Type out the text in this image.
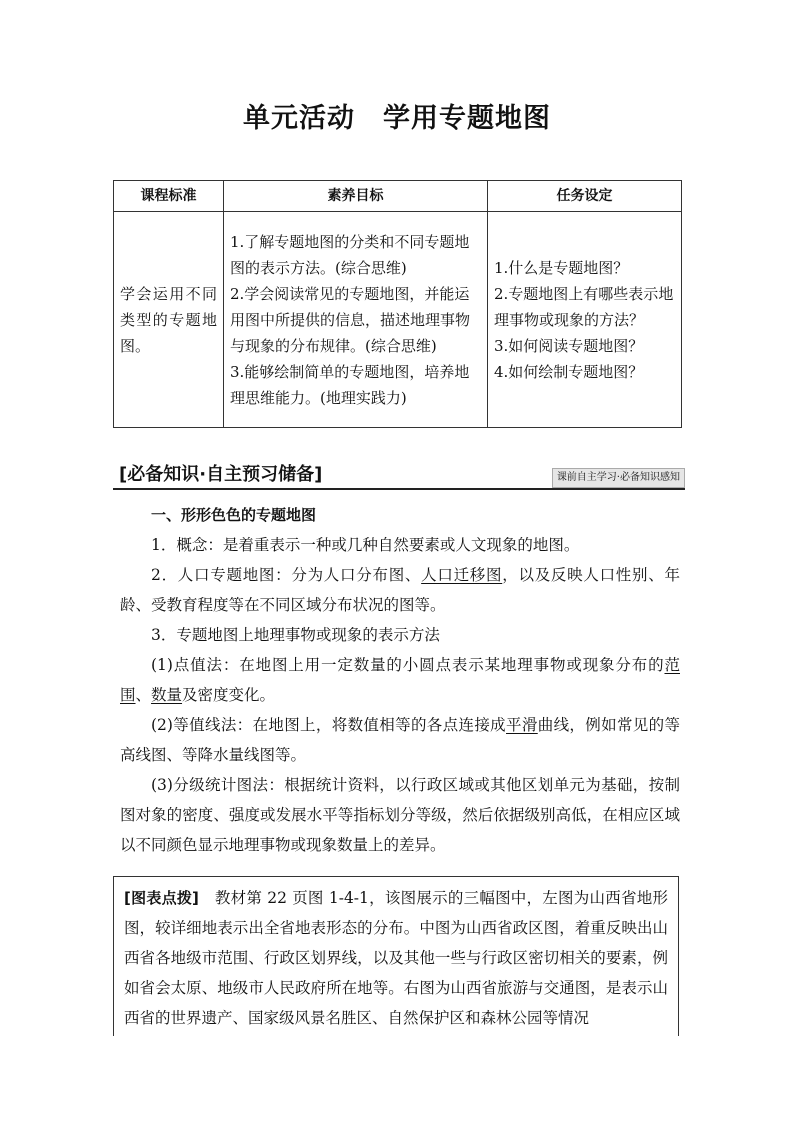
单元活动 学用专题地图
课程标准	素养目标	任务设定
学会运用不同类型的专题地图。	1.了解专题地图的分类和不同专题地图的表示方法。(综合思维)
2.学会阅读常见的专题地图，并能运用图中所提供的信息，描述地理事物与现象的分布规律。(综合思维)
3.能够绘制简单的专题地图，培养地理思维能力。(地理实践力)	1.什么是专题地图？
2.专题地图上有哪些表示地理事物或现象的方法？
3.如何阅读专题地图？
4.如何绘制专题地图？
[必备知识·自主预习储备]	课前自主学习·必备知识感知

一、形形色色的专题地图

1．概念：是着重表示一种或几种自然要素或人文现象的地图。

2．人口专题地图：分为人口分布图、人口迁移图，以及反映人口性别、年龄、受教育程度等在不同区域分布状况的图等。

3．专题地图上地理事物或现象的表示方法

(1)点值法：在地图上用一定数量的小圆点表示某地理事物或现象分布的范围、数量及密度变化。

(2)等值线法：在地图上，将数值相等的各点连接成平滑曲线，例如常见的等高线图、等降水量线图等。

(3)分级统计图法：根据统计资料，以行政区域或其他区划单元为基础，按制图对象的密度、强度或发展水平等指标划分等级，然后依据级别高低，在相应区域以不同颜色显示地理事物或现象数量上的差异。

[图表点拨]　教材第 22 页图 1-4-1，该图展示的三幅图中，左图为山西省地形图，较详细地表示出全省地表形态的分布。中图为山西省政区图，着重反映出山西省各地级市范围、行政区划界线，以及其他一些与行政区密切相关的要素，例如省会太原、地级市人民政府所在地等。右图为山西省旅游与交通图，是表示山西省的世界遗产、国家级风景名胜区、自然保护区和森林公园等情况
